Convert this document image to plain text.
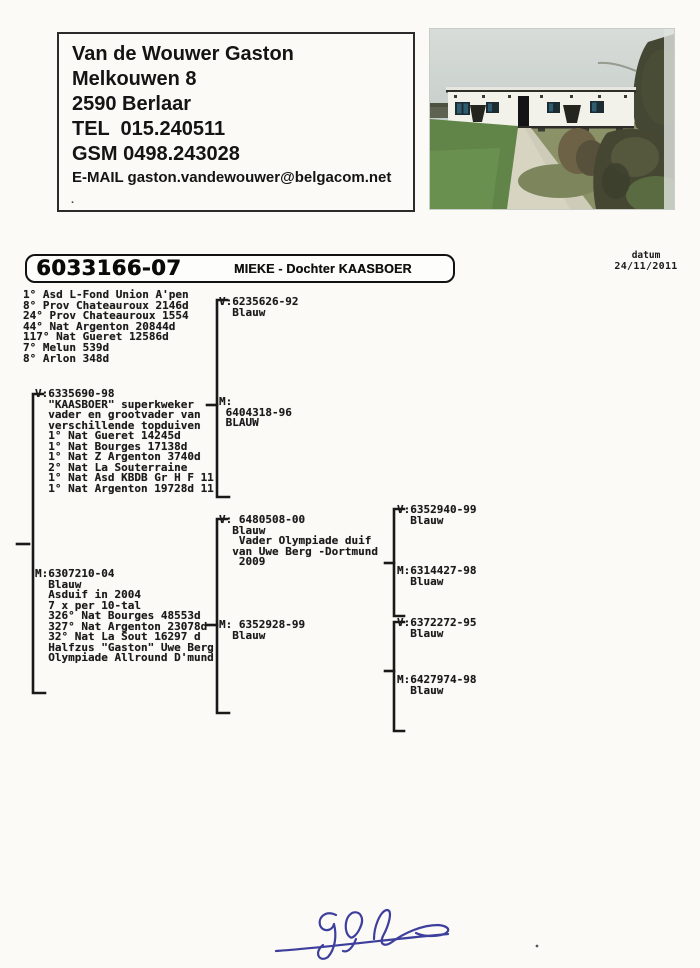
Van de Wouwer Gaston
Melkouwen 8
2590 Berlaar
TEL  015.240511
GSM 0498.243028
E-MAIL gaston.vandewouwer@belgacom.net
.
datum
24/11/2011
6033166-07	MIEKE - Dochter KAASBOER
1° Asd L-Fond Union A'pen
8° Prov Chateauroux 2146d
24° Prov Chateauroux 1554
44° Nat Argenton 20844d
117° Nat Gueret 12586d
7° Melun 539d
8° Arlon 348d
V:6335690-98
"KAASBOER" superkweker
vader en grootvader van
verschillende topduiven
1° Nat Gueret 14245d
1° Nat Bourges 17138d
1° Nat Z Argenton 3740d
2° Nat La Souterraine
1° Nat Asd KBDB Gr H F 11
1° Nat Argenton 19728d 11
M:6307210-04
Blauw
Asduif in 2004
7 x per 10-tal
326° Nat Bourges 48553d
327° Nat Argenton 23078d
32° Nat La Sout 16297 d
Halfzus "Gaston" Uwe Berg
Olympiade Allround D'mund
V:6235626-92
Blauw
M:
6404318-96
BLAUW
V: 6480508-00
Blauw
Vader Olympiade duif
van Uwe Berg -Dortmund
2009
M: 6352928-99
Blauw
V:6352940-99
Blauw
M:6314427-98
Bluaw
V:6372272-95
Blauw
M:6427974-98
Blauw
